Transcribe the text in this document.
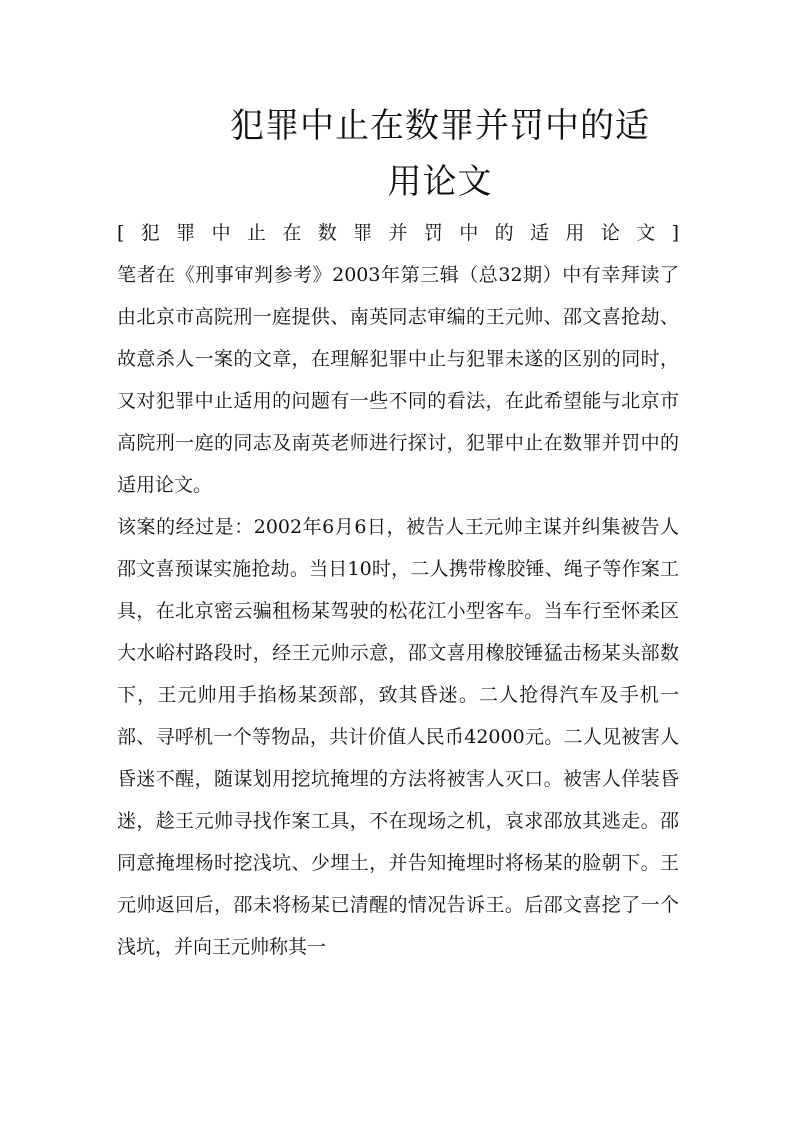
犯罪中止在数罪并罚中的适
用论文
[犯罪中止在数罪并罚中的适用论文]

笔者在《刑事审判参考》2003年第三辑（总32期）中有幸拜读了由北京市高院刑一庭提供、南英同志审编的王元帅、邵文喜抢劫、故意杀人一案的文章，在理解犯罪中止与犯罪未遂的区别的同时，又对犯罪中止适用的问题有一些不同的看法，在此希望能与北京市高院刑一庭的同志及南英老师进行探讨，犯罪中止在数罪并罚中的适用论文。

该案的经过是：2002年6月6日，被告人王元帅主谋并纠集被告人邵文喜预谋实施抢劫。当日10时，二人携带橡胶锤、绳子等作案工具，在北京密云骗租杨某驾驶的松花江小型客车。当车行至怀柔区大水峪村路段时，经王元帅示意，邵文喜用橡胶锤猛击杨某头部数下，王元帅用手掐杨某颈部，致其昏迷。二人抢得汽车及手机一部、寻呼机一个等物品，共计价值人民币42000元。二人见被害人昏迷不醒，随谋划用挖坑掩埋的方法将被害人灭口。被害人佯装昏迷，趁王元帅寻找作案工具，不在现场之机，哀求邵放其逃走。邵同意掩埋杨时挖浅坑、少埋土，并告知掩埋时将杨某的脸朝下。王元帅返回后，邵未将杨某已清醒的情况告诉王。后邵文喜挖了一个浅坑，并向王元帅称其一
